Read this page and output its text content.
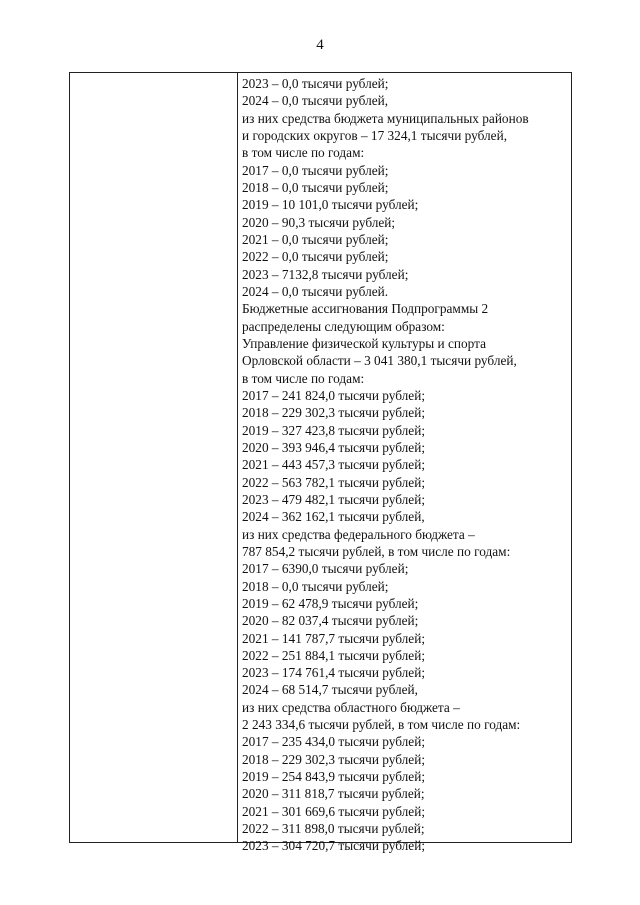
4
2023 – 0,0 тысячи рублей;
2024 – 0,0 тысячи рублей,
из них средства бюджета муниципальных районов
и городских округов – 17 324,1 тысячи рублей,
в том числе по годам:
2017 – 0,0 тысячи рублей;
2018 – 0,0 тысячи рублей;
2019 – 10 101,0 тысячи рублей;
2020 – 90,3 тысячи рублей;
2021 – 0,0 тысячи рублей;
2022 – 0,0 тысячи рублей;
2023 – 7132,8 тысячи рублей;
2024 – 0,0 тысячи рублей.
Бюджетные ассигнования Подпрограммы 2
распределены следующим образом:
Управление физической культуры и спорта
Орловской области – 3 041 380,1 тысячи рублей,
в том числе по годам:
2017 – 241 824,0 тысячи рублей;
2018 – 229 302,3 тысячи рублей;
2019 – 327 423,8 тысячи рублей;
2020 – 393 946,4 тысячи рублей;
2021 – 443 457,3 тысячи рублей;
2022 – 563 782,1 тысячи рублей;
2023 – 479 482,1 тысячи рублей;
2024 – 362 162,1 тысячи рублей,
из них средства федерального бюджета –
787 854,2 тысячи рублей, в том числе по годам:
2017 – 6390,0 тысячи рублей;
2018 – 0,0 тысячи рублей;
2019 – 62 478,9 тысячи рублей;
2020 – 82 037,4 тысячи рублей;
2021 – 141 787,7 тысячи рублей;
2022 – 251 884,1 тысячи рублей;
2023 – 174 761,4 тысячи рублей;
2024 – 68 514,7 тысячи рублей,
из них средства областного бюджета –
2 243 334,6 тысячи рублей, в том числе по годам:
2017 – 235 434,0 тысячи рублей;
2018 – 229 302,3 тысячи рублей;
2019 – 254 843,9 тысячи рублей;
2020 – 311 818,7 тысячи рублей;
2021 – 301 669,6 тысячи рублей;
2022 – 311 898,0 тысячи рублей;
2023 – 304 720,7 тысячи рублей;
